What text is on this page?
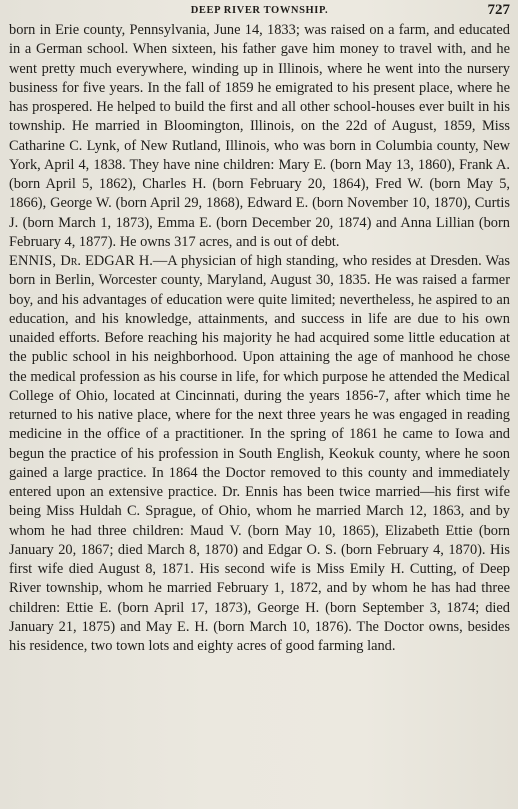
DEEP RIVER TOWNSHIP.	727

born in Erie county, Pennsylvania, June 14, 1833; was raised on a farm, and educated in a German school. When sixteen, his father gave him money to travel with, and he went pretty much everywhere, winding up in Illinois, where he went into the nursery business for five years. In the fall of 1859 he emigrated to his present place, where he has prospered. He helped to build the first and all other school-houses ever built in his township. He married in Bloomington, Illinois, on the 22d of August, 1859, Miss Catharine C. Lynk, of New Rutland, Illinois, who was born in Columbia county, New York, April 4, 1838. They have nine children: Mary E. (born May 13, 1860), Frank A. (born April 5, 1862), Charles H. (born February 20, 1864), Fred W. (born May 5, 1866), George W. (born April 29, 1868), Edward E. (born November 10, 1870), Curtis J. (born March 1, 1873), Emma E. (born December 20, 1874) and Anna Lillian (born February 4, 1877). He owns 317 acres, and is out of debt.

ENNIS, Dr. EDGAR H.—A physician of high standing, who resides at Dresden. Was born in Berlin, Worcester county, Maryland, August 30, 1835. He was raised a farmer boy, and his advantages of education were quite limited; nevertheless, he aspired to an education, and his knowledge, attainments, and success in life are due to his own unaided efforts. Before reaching his majority he had acquired some little education at the public school in his neighborhood. Upon attaining the age of manhood he chose the medical profession as his course in life, for which purpose he attended the Medical College of Ohio, located at Cincinnati, during the years 1856-7, after which time he returned to his native place, where for the next three years he was engaged in reading medicine in the office of a practitioner. In the spring of 1861 he came to Iowa and begun the practice of his profession in South English, Keokuk county, where he soon gained a large practice. In 1864 the Doctor removed to this county and immediately entered upon an extensive practice. Dr. Ennis has been twice married—his first wife being Miss Huldah C. Sprague, of Ohio, whom he married March 12, 1863, and by whom he had three children: Maud V. (born May 10, 1865), Elizabeth Ettie (born January 20, 1867; died March 8, 1870) and Edgar O. S. (born February 4, 1870). His first wife died August 8, 1871. His second wife is Miss Emily H. Cutting, of Deep River township, whom he married February 1, 1872, and by whom he has had three children: Ettie E. (born April 17, 1873), George H. (born September 3, 1874; died January 21, 1875) and May E. H. (born March 10, 1876). The Doctor owns, besides his residence, two town lots and eighty acres of good farming land.
